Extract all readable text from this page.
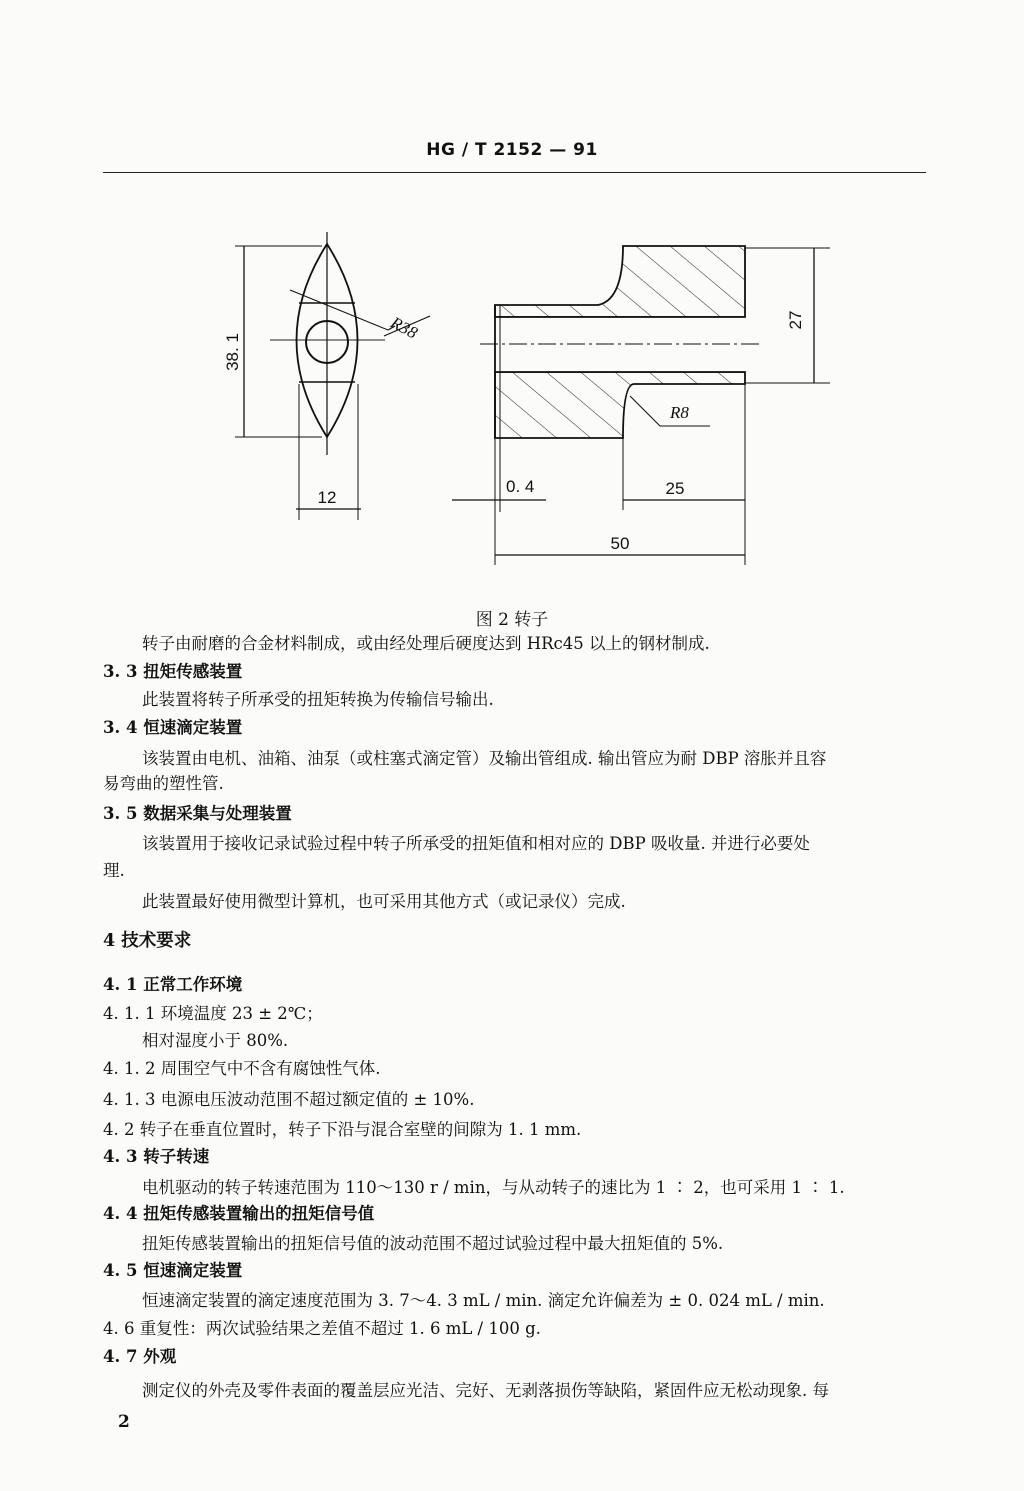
HG / T 2152 — 91
R38
38. 1
12
R8
27
0. 4	25
50
图 2 转子
转子由耐磨的合金材料制成，或由经处理后硬度达到 HRc45 以上的钢材制成.
3. 3 扭矩传感装置
此装置将转子所承受的扭矩转换为传输信号输出.
3. 4 恒速滴定装置
该装置由电机、油箱、油泵（或柱塞式滴定管）及输出管组成. 输出管应为耐 DBP 溶胀并且容
易弯曲的塑性管.
3. 5 数据采集与处理装置
该装置用于接收记录试验过程中转子所承受的扭矩值和相对应的 DBP 吸收量. 并进行必要处
理.
此装置最好使用微型计算机，也可采用其他方式（或记录仪）完成.
4 技术要求
4. 1 正常工作环境
4. 1. 1 环境温度 23 ± 2℃；
相对湿度小于 80%.
4. 1. 2 周围空气中不含有腐蚀性气体.
4. 1. 3 电源电压波动范围不超过额定值的 ± 10%.
4. 2 转子在垂直位置时，转子下沿与混合室壁的间隙为 1. 1 mm.
4. 3 转子转速
电机驱动的转子转速范围为 110～130 r / min，与从动转子的速比为 1 ∶ 2，也可采用 1 ∶ 1.
4. 4 扭矩传感装置输出的扭矩信号值
扭矩传感装置输出的扭矩信号值的波动范围不超过试验过程中最大扭矩值的 5%.
4. 5 恒速滴定装置
恒速滴定装置的滴定速度范围为 3. 7～4. 3 mL / min. 滴定允许偏差为 ± 0. 024 mL / min.
4. 6 重复性：两次试验结果之差值不超过 1. 6 mL / 100 g.
4. 7 外观
测定仪的外壳及零件表面的覆盖层应光洁、完好、无剥落损伤等缺陷，紧固件应无松动现象. 每
2
